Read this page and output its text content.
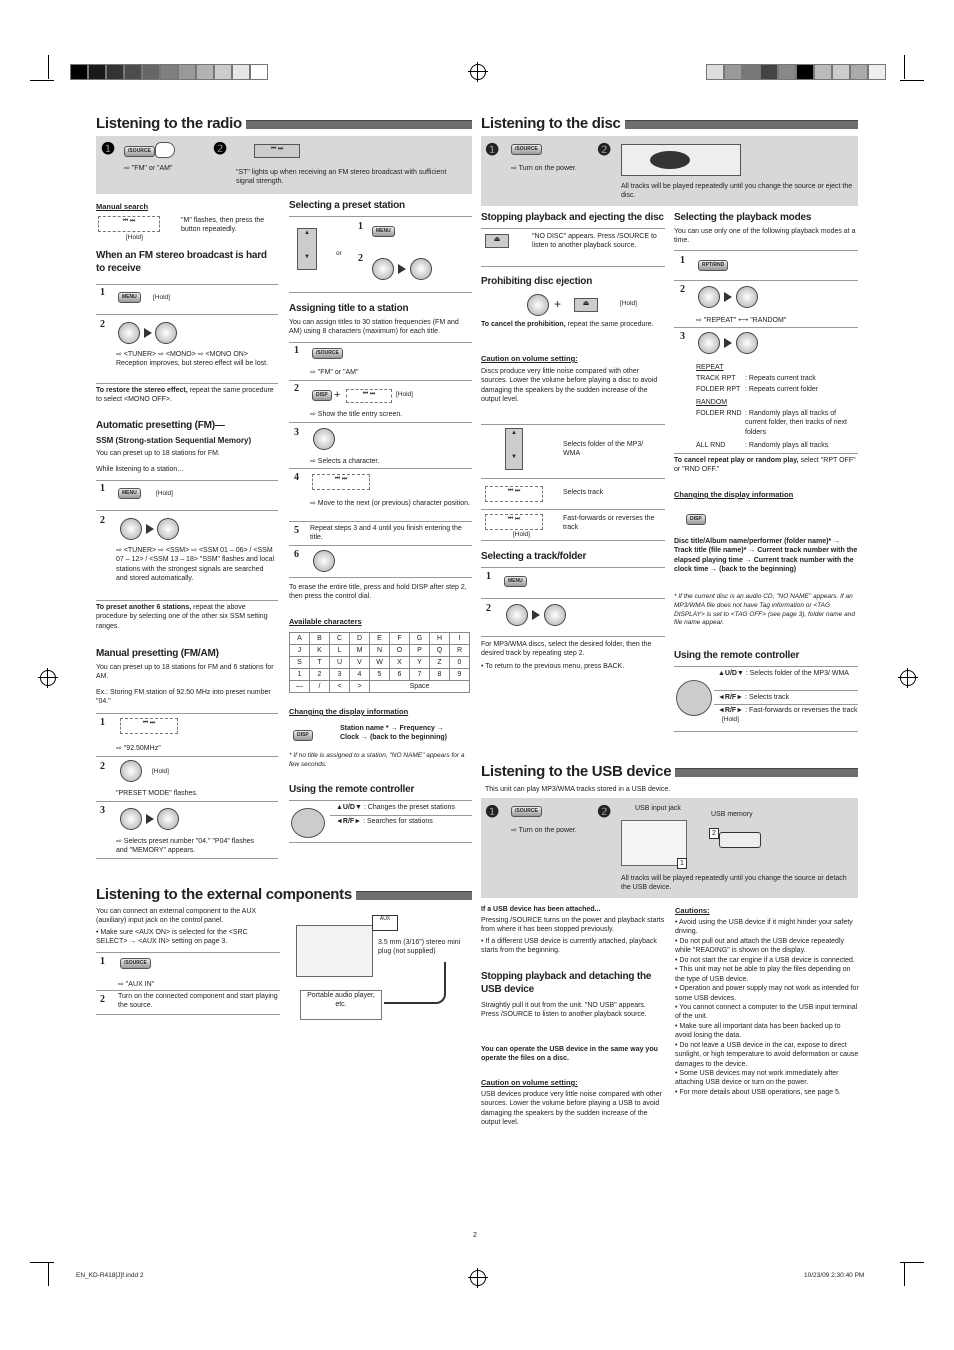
Listening to the radio
❶	/SOURCE
⇨ "FM" or "AM"
❷	⏮ ⏭
"ST" lights up when receiving an FM stereo broadcast with sufficient signal strength.
Manual search
⏮ ⏭
[Hold]
"M" flashes, then press the button repeatedly.
When an FM stereo broadcast is hard to receive
1	MENU	[Hold]
2
⇨ <TUNER> ⇨ <MONO> ⇨ <MONO ON> Reception improves, but stereo effect will be lost.
To restore the stereo effect, repeat the same procedure to select <MONO OFF>.
Automatic presetting (FM)—
SSM (Strong-station Sequential Memory)
You can preset up to 18 stations for FM.
While listening to a station...
1	MENU	[Hold]
2
⇨ <TUNER> ⇨ <SSM> ⇨ <SSM 01 – 06> / <SSM 07 – 12> / <SSM 13 – 18> "SSM" flashes and local stations with the strongest signals are searched and stored automatically.
To preset another 6 stations, repeat the above procedure by selecting one of the other six SSM setting ranges.
Manual presetting (FM/AM)
You can preset up to 18 stations for FM and 6 stations for AM.
Ex.: Storing FM station of 92.50 MHz into preset number "04."
1	⏮ ⏭
⇨ "92.50MHz"
2	[Hold]
"PRESET MODE" flashes.
3
⇨ Selects preset number "04." "P04" flashes and "MEMORY" appears.
Selecting a preset station
▲

▼
or
1	MENU
2
Assigning title to a station
You can assign titles to 30 station frequencies (FM and AM) using 8 characters (maximum) for each title.
1	/SOURCE
⇨ "FM" or "AM"
2
DISP +	⏮ ⏭	[Hold]
⇨ Show the title entry screen.
3
⇨ Selects a character.
4	⏮ ⏭
⇨ Move to the next (or previous) character position.
5 Repeat steps 3 and 4 until you finish entering the title.
6
To erase the entire title, press and hold DISP after step 2, then press the control dial.
Available characters
A	B	C	D	E	F	G	H	I
J	K	L	M	N	O	P	Q	R
S	T	U	V	W	X	Y	Z	0
1	2	3	4	5	6	7	8	9
—	/	<	>	Space				
Changing the display information
DISP
Station name * → Frequency → Clock → (back to the beginning)
* If no title is assigned to a station, "NO NAME" appears for a few seconds.
Using the remote controller
▲U/D▼ : Changes the preset stations
◄R/F► : Searches for stations
Listening to the external components
You can connect an external component to the AUX (auxiliary) input jack on the control panel.
• Make sure <AUX ON> is selected for the <SRC SELECT> → <AUX IN> setting on page 3.
1	/SOURCE
⇨ "AUX IN"
2 Turn on the connected component and start playing the source.
AUX
3.5 mm (3/16") stereo mini plug (not supplied)
Portable audio player, etc.
Listening to the disc
❶	/SOURCE
⇨ Turn on the power.
❷
All tracks will be played repeatedly until you change the source or eject the disc.
Stopping playback and ejecting the disc
⏏	"NO DISC" appears. Press /SOURCE to listen to another playback source.
Prohibiting disc ejection
+	⏏	[Hold]
To cancel the prohibition, repeat the same procedure.
Caution on volume setting:
Discs produce very little noise compared with other sources. Lower the volume before playing a disc to avoid damaging the speakers by the sudden increase of the output level.
▲

▼
Selects folder of the MP3/ WMA
⏮ ⏭	Selects track
⏮ ⏭
[Hold]
Fast-forwards or reverses the track
Selecting a track/folder
1	MENU
2
For MP3/WMA discs, select the desired folder, then the desired track by repeating step 2.
• To return to the previous menu, press BACK.
Selecting the playback modes
You can use only one of the following playback modes at a time.
1	RPT/RND
2
⇨ "REPEAT" ⟷ "RANDOM"
3
REPEAT
TRACK RPT : Repeats current track
FOLDER RPT : Repeats current folder
RANDOM
FOLDER RND : Randomly plays all tracks of current folder, then tracks of next folders
ALL RND	: Randomly plays all tracks
To cancel repeat play or random play, select "RPT OFF" or "RND OFF."
Changing the display information
DISP
Disc title/Album name/performer (folder name)* → Track title (file name)* → Current track number with the elapsed playing time → Current track number with the clock time → (back to the beginning)
* If the current disc is an audio CD, "NO NAME" appears. If an MP3/WMA file does not have Tag information or <TAG DISPLAY> is set to <TAG OFF> (see page 3), folder name and file name appear.
Using the remote controller
▲U/D▼ : Selects folder of the MP3/ WMA
◄R/F► : Selects track
◄R/F► : Fast-forwards or reverses the track
[Hold]
Listening to the USB device
This unit can play MP3/WMA tracks stored in a USB device.
❶	/SOURCE
⇨ Turn on the power.
❷	USB input jack
USB memory
2
1
All tracks will be played repeatedly until you change the source or detach the USB device.
If a USB device has been attached...
Pressing /SOURCE turns on the power and playback starts from where it has been stopped previously.
• If a different USB device is currently attached, playback starts from the beginning.
Stopping playback and detaching the USB device
Straightly pull it out from the unit. "NO USB" appears. Press /SOURCE to listen to another playback source.
You can operate the USB device in the same way you operate the files on a disc.
Caution on volume setting:
USB devices produce very little noise compared with other sources. Lower the volume before playing a USB to avoid damaging the speakers by the sudden increase of the output level.
Cautions:
• Avoid using the USB device if it might hinder your safety driving.
• Do not pull out and attach the USB device repeatedly while "READING" is shown on the display.
• Do not start the car engine if a USB device is connected.
• This unit may not be able to play the files depending on the type of USB device.
• Operation and power supply may not work as intended for some USB devices.
• You cannot connect a computer to the USB input terminal of the unit.
• Make sure all important data has been backed up to avoid losing the data.
• Do not leave a USB device in the car, expose to direct sunlight, or high temperature to avoid deformation or cause damages to the device.
• Some USB devices may not work immediately after attaching USB device or turn on the power.
• For more details about USB operations, see page 5.
2
EN_KD-R418[J]f.indd 2	10/23/09 2:30:40 PM
